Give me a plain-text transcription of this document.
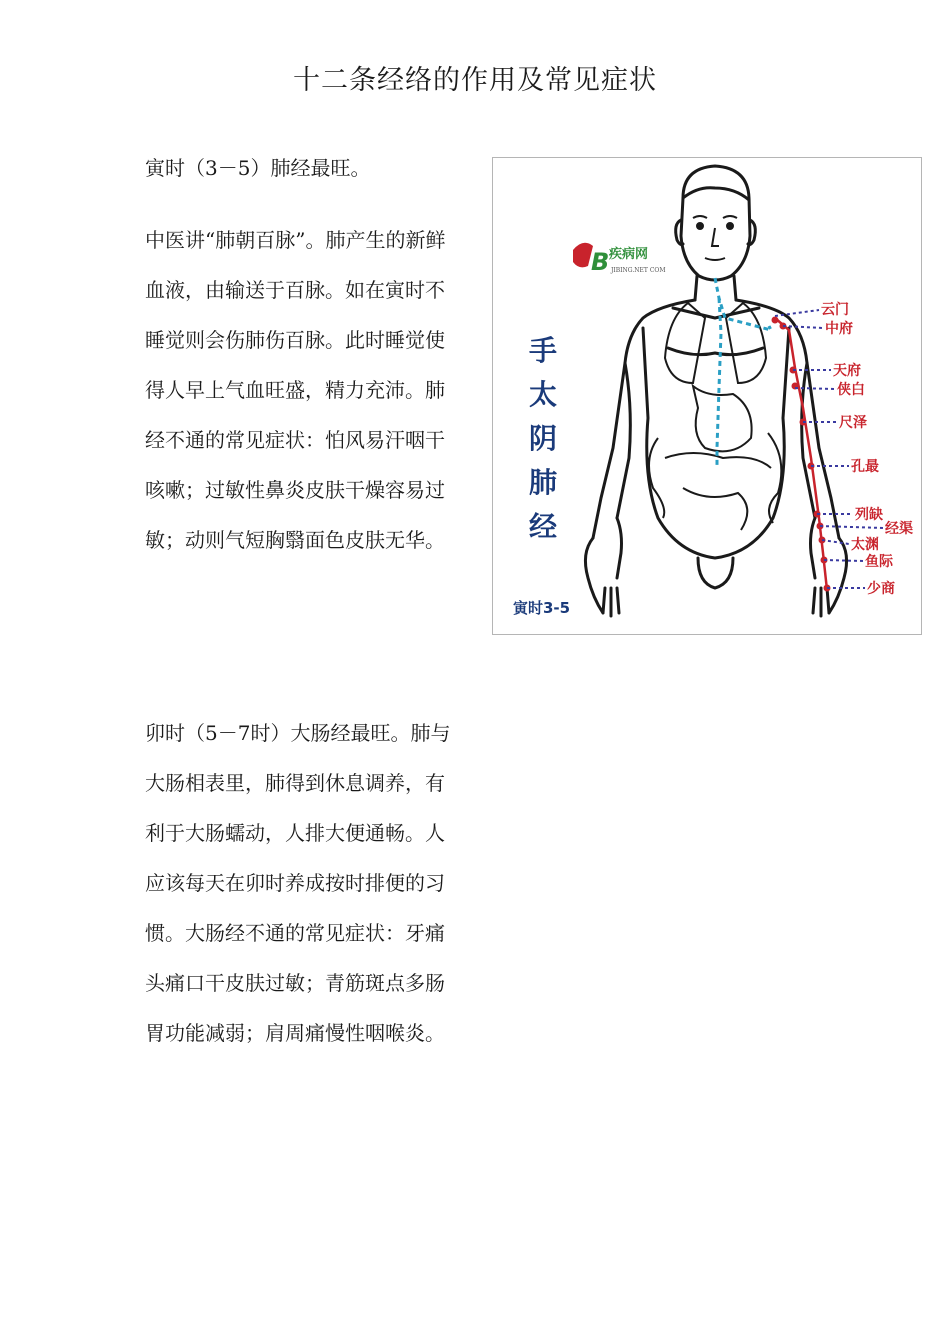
十二条经络的作用及常见症状
寅时（3－5）肺经最旺。

中医讲“肺朝百脉”。肺产生的新鲜血液，由输送于百脉。如在寅时不睡觉则会伤肺伤百脉。此时睡觉使得人早上气血旺盛，精力充沛。肺经不通的常见症状：怕风易汗咽干咳嗽；过敏性鼻炎皮肤干燥容易过敏；动则气短胸翳面色皮肤无华。

卯时（5－7时）大肠经最旺。肺与大肠相表里，肺得到休息调养，有利于大肠蠕动，人排大便通畅。人应该每天在卯时养成按时排便的习惯。大肠经不通的常见症状：牙痛头痛口干皮肤过敏；青筋斑点多肠胃功能减弱；肩周痛慢性咽喉炎。

云门
中府
天府
侠白
尺泽
孔最
列缺
经渠
太渊
鱼际
少商
手
太
阴
肺
经
B 疾病网
JIBING.NET COM
寅时3-5
